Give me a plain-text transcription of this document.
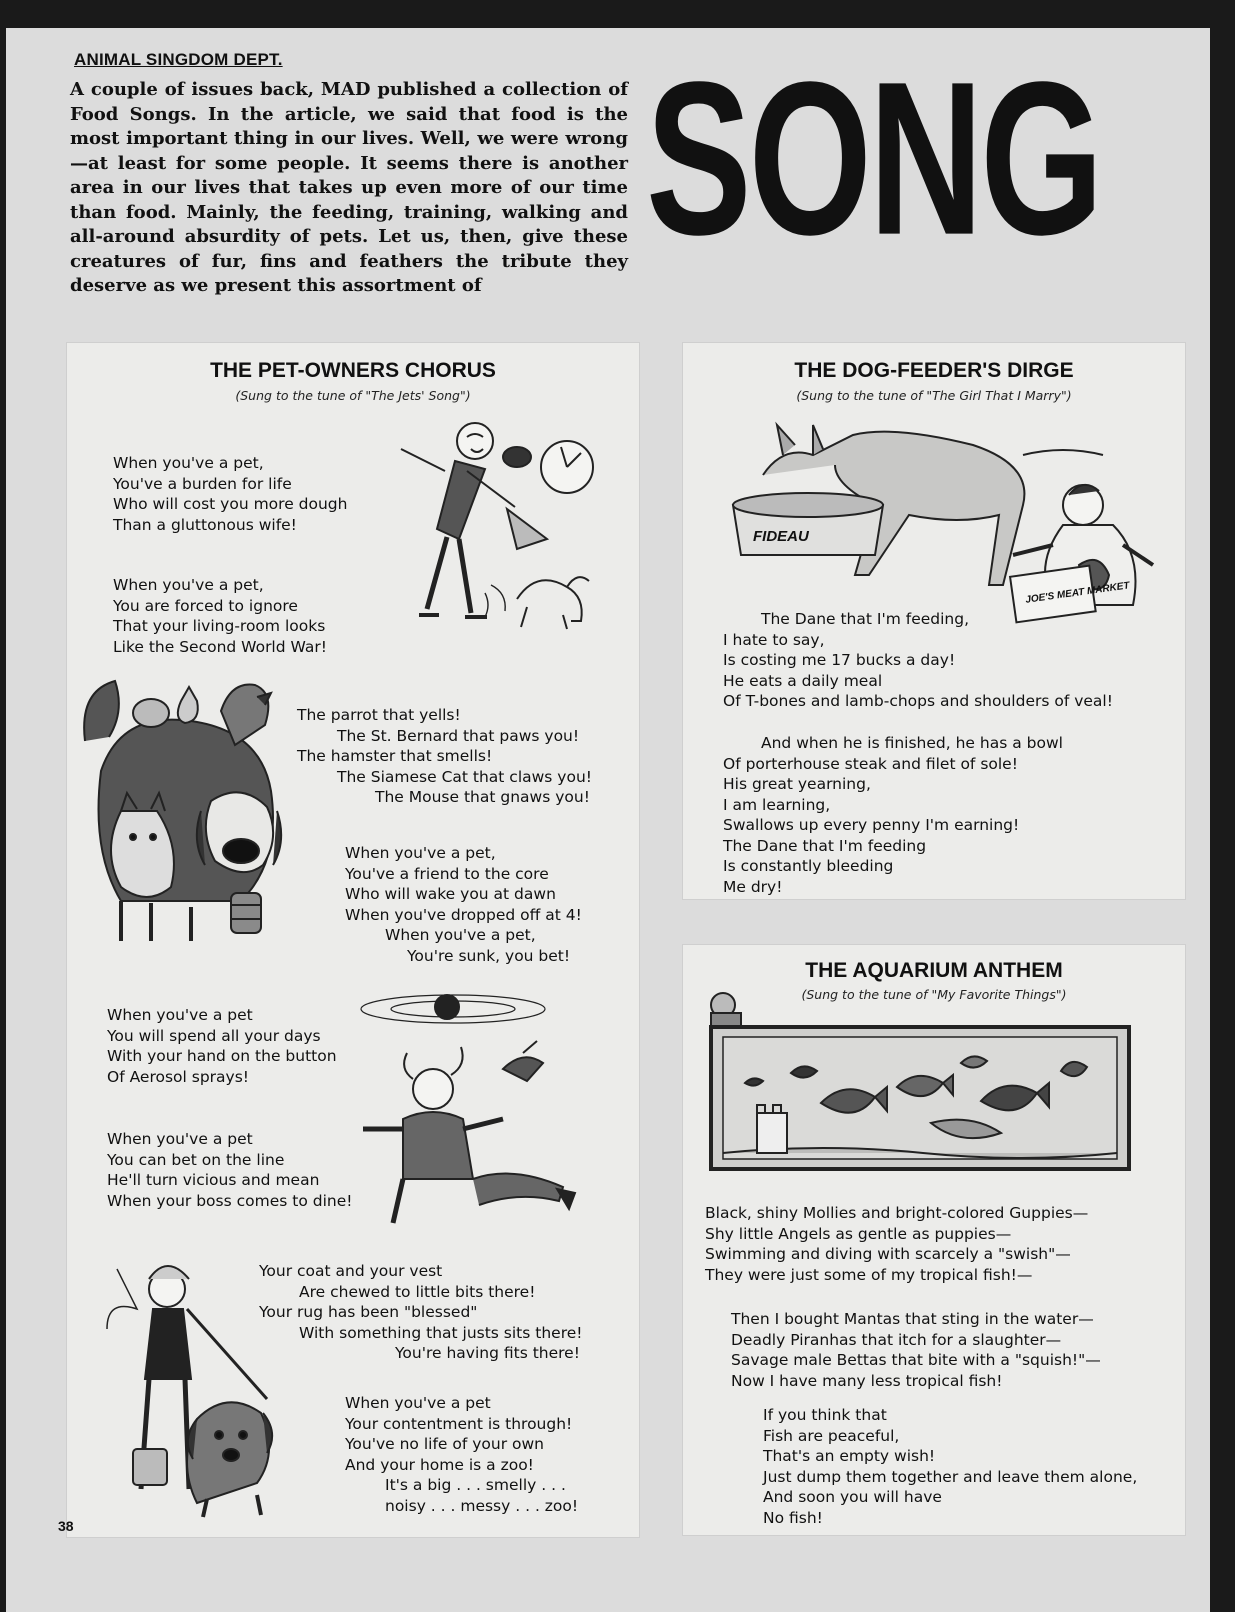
ANIMAL SINGDOM DEPT.

A couple of issues back, MAD published a collection of Food Songs. In the article, we said that food is the most important thing in our lives. Well, we were wrong—at least for some people. It seems there is another area in our lives that takes up even more of our time than food. Mainly, the feeding, training, walking and all-around absurdity of pets. Let us, then, give these creatures of fur, fins and feathers the tribute they deserve as we present this assortment of

SONG
THE PET-OWNERS CHORUS
(Sung to the tune of "The Jets' Song")
When you've a pet,
You've a burden for life
Who will cost you more dough
Than a gluttonous wife!
When you've a pet,
You are forced to ignore
That your living-room looks
Like the Second World War!
The parrot that yells!
The St. Bernard that paws you!
The hamster that smells!
The Siamese Cat that claws you!
The Mouse that gnaws you!
When you've a pet,
You've a friend to the core
Who will wake you at dawn
When you've dropped off at 4!
When you've a pet,
You're sunk, you bet!
When you've a pet
You will spend all your days
With your hand on the button
Of Aerosol sprays!
When you've a pet
You can bet on the line
He'll turn vicious and mean
When your boss comes to dine!
Your coat and your vest
Are chewed to little bits there!
Your rug has been "blessed"
With something that justs sits there!
You're having fits there!
When you've a pet
Your contentment is through!
You've no life of your own
And your home is a zoo!
It's a big . . . smelly . . .
noisy . . . messy . . . zoo!
THE DOG-FEEDER'S DIRGE
(Sung to the tune of "The Girl That I Marry")
FIDEAU
JOE'S MEAT MARKET
The Dane that I'm feeding,
I hate to say,
Is costing me 17 bucks a day!
He eats a daily meal
Of T-bones and lamb-chops and shoulders of veal!
And when he is finished, he has a bowl
Of porterhouse steak and filet of sole!
His great yearning,
I am learning,
Swallows up every penny I'm earning!
The Dane that I'm feeding
Is constantly bleeding
Me dry!
THE AQUARIUM ANTHEM
(Sung to the tune of "My Favorite Things")
Black, shiny Mollies and bright-colored Guppies—
Shy little Angels as gentle as puppies—
Swimming and diving with scarcely a "swish"—
They were just some of my tropical fish!—
Then I bought Mantas that sting in the water—
Deadly Piranhas that itch for a slaughter—
Savage male Bettas that bite with a "squish!"—
Now I have many less tropical fish!
If you think that
Fish are peaceful,
That's an empty wish!
Just dump them together and leave them alone,
And soon you will have
No fish!
38
